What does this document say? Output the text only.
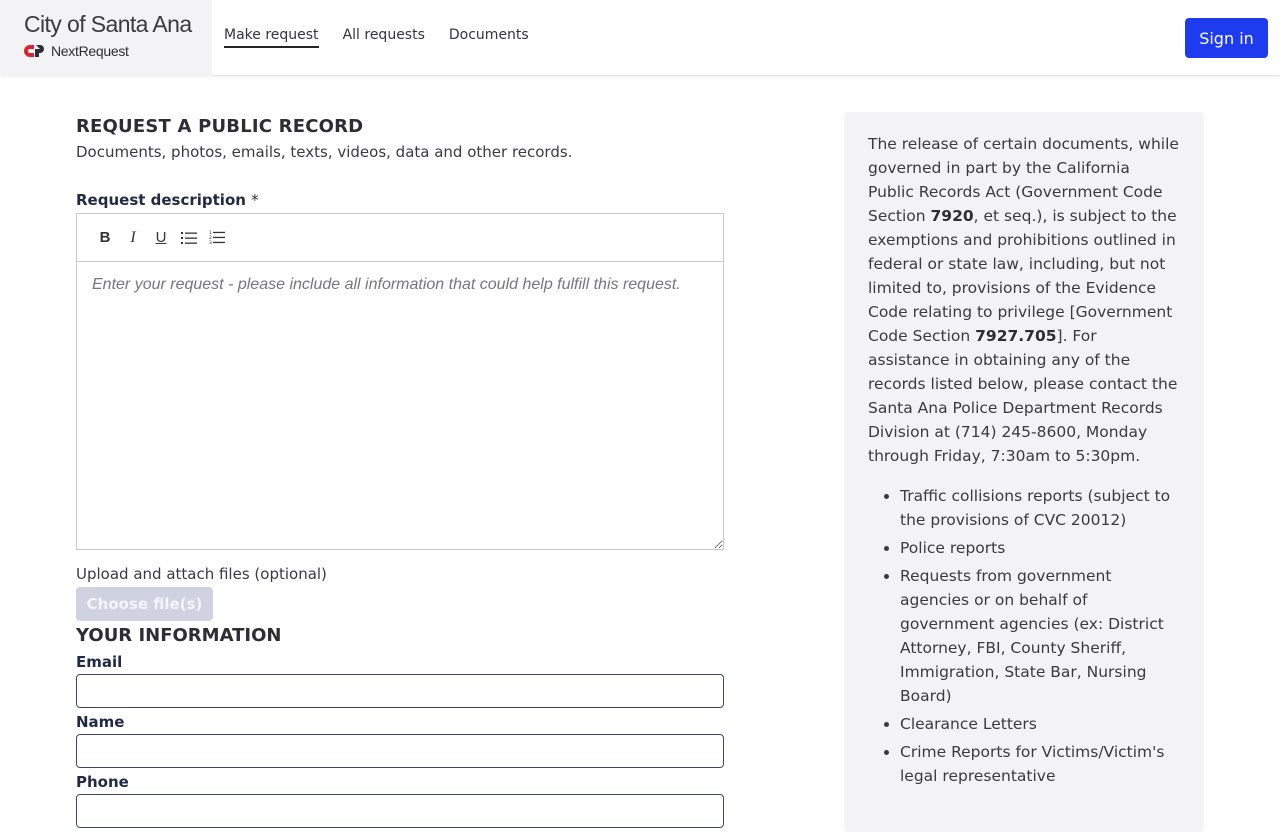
City of Santa Ana
NextRequest
Make request All requests Documents	Sign in
REQUEST A PUBLIC RECORD
Documents, photos, emails, texts, videos, data and other records.
Request description *
B	I	U	1
2
3
Enter your request - please include all information that could help fulfill this request.
Upload and attach files (optional)
Choose file(s)
YOUR INFORMATION
Email
Name
Phone

The release of certain documents, while governed in part by the California Public Records Act (Government Code Section 7920, et seq.), is subject to the exemptions and prohibitions outlined in federal or state law, including, but not limited to, provisions of the Evidence Code relating to privilege [Government Code Section 7927.705]. For assistance in obtaining any of the records listed below, please contact the Santa Ana Police Department Records Division at (714) 245-8600, Monday through Friday, 7:30am to 5:30pm.

• Traffic collisions reports (subject to the provisions of CVC 20012)
• Police reports
• Requests from government agencies or on behalf of government agencies (ex: District Attorney, FBI, County Sheriff, Immigration, State Bar, Nursing Board)
• Clearance Letters
• Crime Reports for Victims/Victim's legal representative
